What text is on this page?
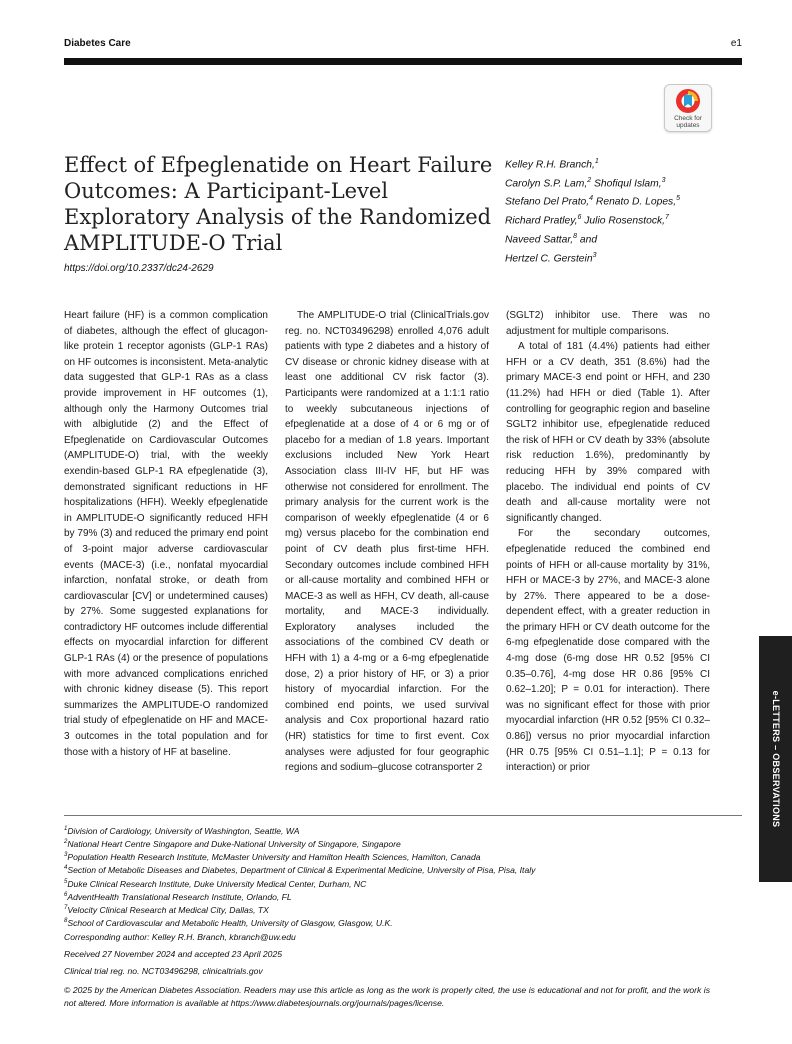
Diabetes Care	e1
Check for
updates
Effect of Efpeglenatide on Heart Failure Outcomes: A Participant-Level Exploratory Analysis of the Randomized AMPLITUDE-O Trial
https://doi.org/10.2337/dc24-2629
Kelley R.H. Branch,$^1$
Carolyn S.P. Lam,$^2$ Shofiqul Islam,$^3$
Stefano Del Prato,$^4$ Renato D. Lopes,$^5$
Richard Pratley,$^6$ Julio Rosenstock,$^7$
Naveed Sattar,$^8$ and
Hertzel C. Gerstein$^3$

Heart failure (HF) is a common complication of diabetes, although the effect of glucagon-like protein 1 receptor agonists (GLP-1 RAs) on HF outcomes is inconsistent. Meta-analytic data suggested that GLP-1 RAs as a class provide improvement in HF outcomes (1), although only the Harmony Outcomes trial with albiglutide (2) and the Effect of Efpeglenatide on Cardiovascular Outcomes (AMPLITUDE-O) trial, with the weekly exendin-based GLP-1 RA efpeglenatide (3), demonstrated significant reductions in HF hospitalizations (HFH). Weekly efpeglenatide in AMPLITUDE-O significantly reduced HFH by 79% (3) and reduced the primary end point of 3-point major adverse cardiovascular events (MACE-3) (i.e., nonfatal myocardial infarction, nonfatal stroke, or death from cardiovascular [CV] or undetermined causes) by 27%. Some suggested explanations for contradictory HF outcomes include differential effects on myocardial infarction for different GLP-1 RAs (4) or the presence of populations with more advanced complications enriched with chronic kidney disease (5). This report summarizes the AMPLITUDE-O randomized trial study of efpeglenatide on HF and MACE-3 outcomes in the total population and for those with a history of HF at baseline.

The AMPLITUDE-O trial (ClinicalTrials.gov reg. no. NCT03496298) enrolled 4,076 adult patients with type 2 diabetes and a history of CV disease or chronic kidney disease with at least one additional CV risk factor (3). Participants were randomized at a 1:1:1 ratio to weekly subcutaneous injections of efpeglenatide at a dose of 4 or 6 mg or of placebo for a median of 1.8 years. Important exclusions included New York Heart Association class III-IV HF, but HF was otherwise not considered for enrollment. The primary analysis for the current work is the comparison of weekly efpeglenatide (4 or 6 mg) versus placebo for the combination end point of CV death plus first-time HFH. Secondary outcomes include combined HFH or all-cause mortality and combined HFH or MACE-3 as well as HFH, CV death, all-cause mortality, and MACE-3 individually. Exploratory analyses included the associations of the combined CV death or HFH with 1) a 4-mg or a 6-mg efpeglenatide dose, 2) a prior history of HF, or 3) a prior history of myocardial infarction. For the combined end points, we used survival analysis and Cox proportional hazard ratio (HR) statistics for time to first event. Cox analyses were adjusted for four geographic regions and sodium–glucose cotransporter 2

(SGLT2) inhibitor use. There was no adjustment for multiple comparisons.

A total of 181 (4.4%) patients had either HFH or a CV death, 351 (8.6%) had the primary MACE-3 end point or HFH, and 230 (11.2%) had HFH or died (Table 1). After controlling for geographic region and baseline SGLT2 inhibitor use, efpeglenatide reduced the risk of HFH or CV death by 33% (absolute risk reduction 1.6%), predominantly by reducing HFH by 39% compared with placebo. The individual end points of CV death and all-cause mortality were not significantly changed.

For the secondary outcomes, efpeglenatide reduced the combined end points of HFH or all-cause mortality by 31%, HFH or MACE-3 by 27%, and MACE-3 alone by 27%. There appeared to be a dose-dependent effect, with a greater reduction in the primary HFH or CV death outcome for the 6-mg efpeglenatide dose compared with the 4-mg dose (6-mg dose HR 0.52 [95% CI 0.35–0.76], 4-mg dose HR 0.86 [95% CI 0.62–1.20]; P = 0.01 for interaction). There was no significant effect for those with prior myocardial infarction (HR 0.52 [95% CI 0.32–0.86]) versus no prior myocardial infarction (HR 0.75 [95% CI 0.51–1.1]; P = 0.13 for interaction) or prior	e-LETTERS – OBSERVATIONS
$^1$Division of Cardiology, University of Washington, Seattle, WA
$^2$National Heart Centre Singapore and Duke-National University of Singapore, Singapore
$^3$Population Health Research Institute, McMaster University and Hamilton Health Sciences, Hamilton, Canada
$^4$Section of Metabolic Diseases and Diabetes, Department of Clinical & Experimental Medicine, University of Pisa, Pisa, Italy
$^5$Duke Clinical Research Institute, Duke University Medical Center, Durham, NC
$^6$AdventHealth Translational Research Institute, Orlando, FL
$^7$Velocity Clinical Research at Medical City, Dallas, TX
$^8$School of Cardiovascular and Metabolic Health, University of Glasgow, Glasgow, U.K.
Corresponding author: Kelley R.H. Branch, kbranch@uw.edu
Received 27 November 2024 and accepted 23 April 2025
Clinical trial reg. no. NCT03496298, clinicaltrials.gov
© 2025 by the American Diabetes Association. Readers may use this article as long as the work is properly cited, the use is educational and not for profit, and the work is not altered. More information is available at https://www.diabetesjournals.org/journals/pages/license.
